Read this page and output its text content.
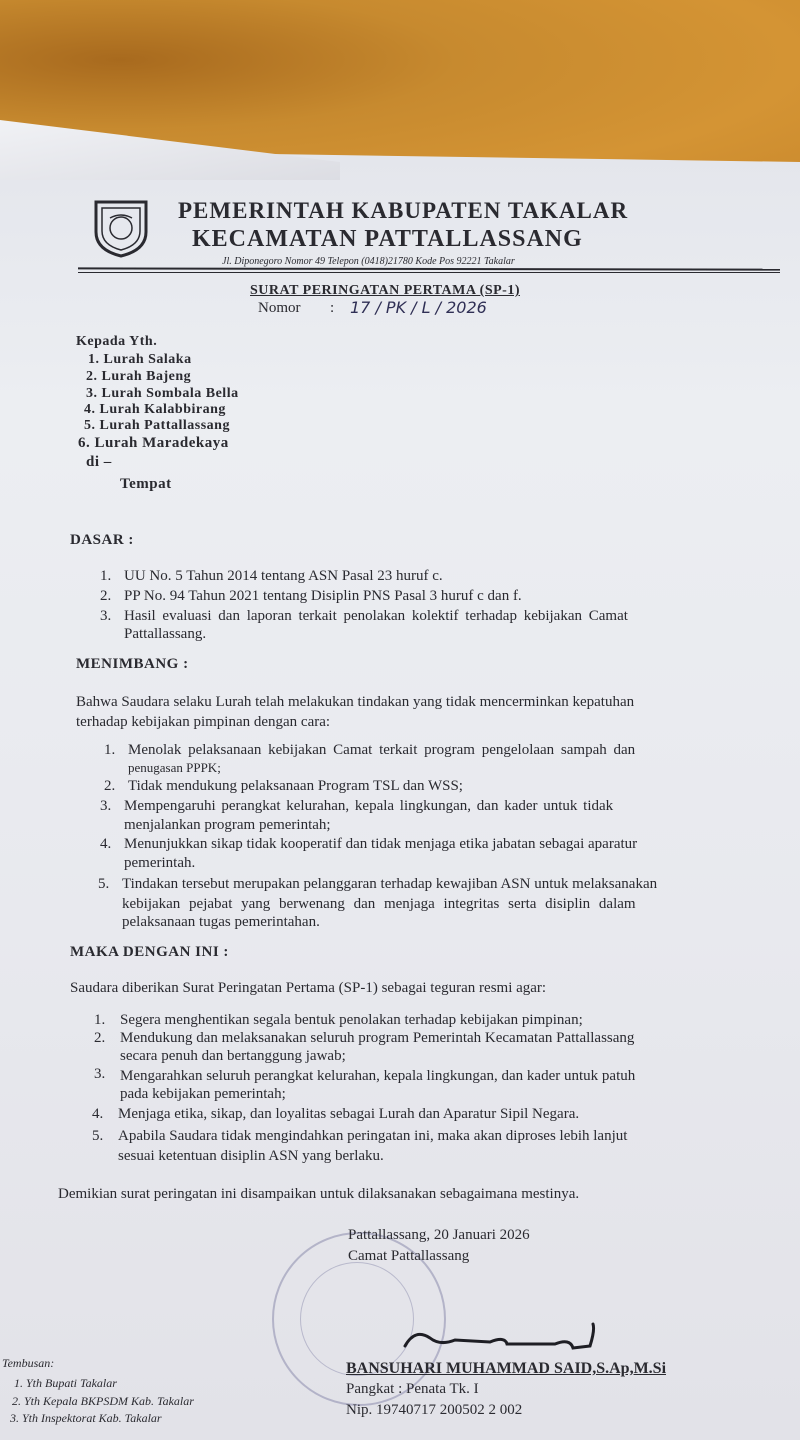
PEMERINTAH KABUPATEN TAKALAR
KECAMATAN PATTALLASSANG
Jl. Diponegoro Nomor 49 Telepon (0418)21780 Kode Pos 92221 Takalar
SURAT PERINGATAN PERTAMA (SP-1)
Nomor : 17 / PK / L / 2026
Kepada Yth.
1. Lurah Salaka
2. Lurah Bajeng
3. Lurah Sombala Bella
4. Lurah Kalabbirang
5. Lurah Pattallassang
6. Lurah Maradekaya
di –
Tempat
DASAR :
1. UU No. 5 Tahun 2014 tentang ASN Pasal 23 huruf c.
2. PP No. 94 Tahun 2021 tentang Disiplin PNS Pasal 3 huruf c dan f.
3. Hasil evaluasi dan laporan terkait penolakan kolektif terhadap kebijakan Camat
Pattallassang.
MENIMBANG :
Bahwa Saudara selaku Lurah telah melakukan tindakan yang tidak mencerminkan kepatuhan
terhadap kebijakan pimpinan dengan cara:
1. Menolak pelaksanaan kebijakan Camat terkait program pengelolaan sampah dan
penugasan PPPK;
2. Tidak mendukung pelaksanaan Program TSL dan WSS;
3. Mempengaruhi perangkat kelurahan, kepala lingkungan, dan kader untuk tidak
menjalankan program pemerintah;
4. Menunjukkan sikap tidak kooperatif dan tidak menjaga etika jabatan sebagai aparatur
pemerintah.
5. Tindakan tersebut merupakan pelanggaran terhadap kewajiban ASN untuk melaksanakan
kebijakan pejabat yang berwenang dan menjaga integritas serta disiplin dalam
pelaksanaan tugas pemerintahan.
MAKA DENGAN INI :
Saudara diberikan Surat Peringatan Pertama (SP-1) sebagai teguran resmi agar:
1. Segera menghentikan segala bentuk penolakan terhadap kebijakan pimpinan;
2. Mendukung dan melaksanakan seluruh program Pemerintah Kecamatan Pattallassang
secara penuh dan bertanggung jawab;
3. Mengarahkan seluruh perangkat kelurahan, kepala lingkungan, dan kader untuk patuh
pada kebijakan pemerintah;
4. Menjaga etika, sikap, dan loyalitas sebagai Lurah dan Aparatur Sipil Negara.
5. Apabila Saudara tidak mengindahkan peringatan ini, maka akan diproses lebih lanjut
sesuai ketentuan disiplin ASN yang berlaku.
Demikian surat peringatan ini disampaikan untuk dilaksanakan sebagaimana mestinya.
Pattallassang, 20 Januari 2026
Camat Pattallassang
BANSUHARI MUHAMMAD SAID,S.Ap,M.Si
Pangkat : Penata Tk. I
Nip. 19740717 200502 2 002
Tembusan:
1. Yth Bupati Takalar
2. Yth Kepala BKPSDM Kab. Takalar
3. Yth Inspektorat Kab. Takalar
